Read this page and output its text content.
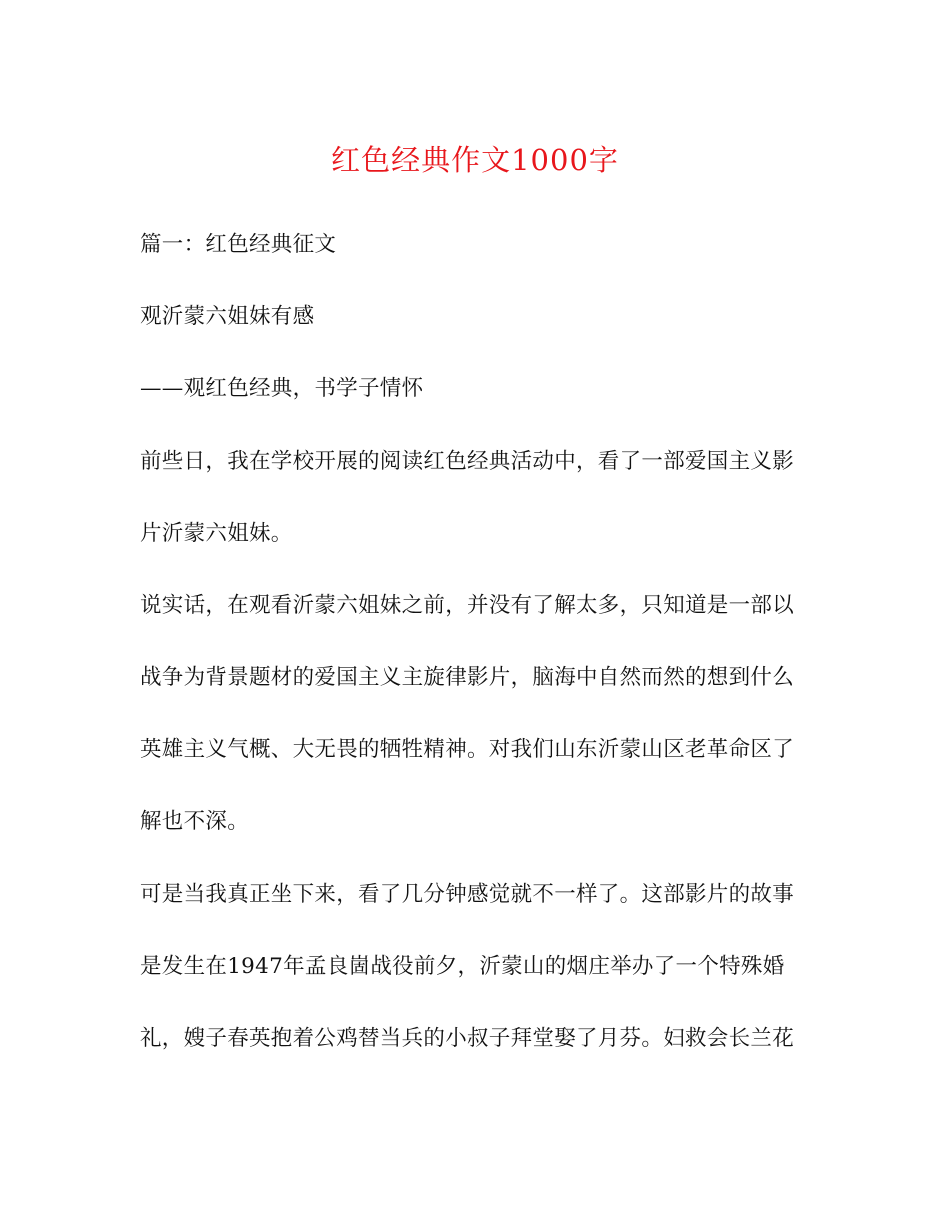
红色经典作文1000字
篇一：红色经典征文
观沂蒙六姐妹有感
——观红色经典，书学子情怀
前些日，我在学校开展的阅读红色经典活动中，看了一部爱国主义影
片沂蒙六姐妹。
说实话，在观看沂蒙六姐妹之前，并没有了解太多，只知道是一部以
战争为背景题材的爱国主义主旋律影片，脑海中自然而然的想到什么
英雄主义气概、大无畏的牺牲精神。对我们山东沂蒙山区老革命区了
解也不深。
可是当我真正坐下来，看了几分钟感觉就不一样了。这部影片的故事
是发生在1947年孟良崮战役前夕，沂蒙山的烟庄举办了一个特殊婚
礼，嫂子春英抱着公鸡替当兵的小叔子拜堂娶了月芬。妇救会长兰花
